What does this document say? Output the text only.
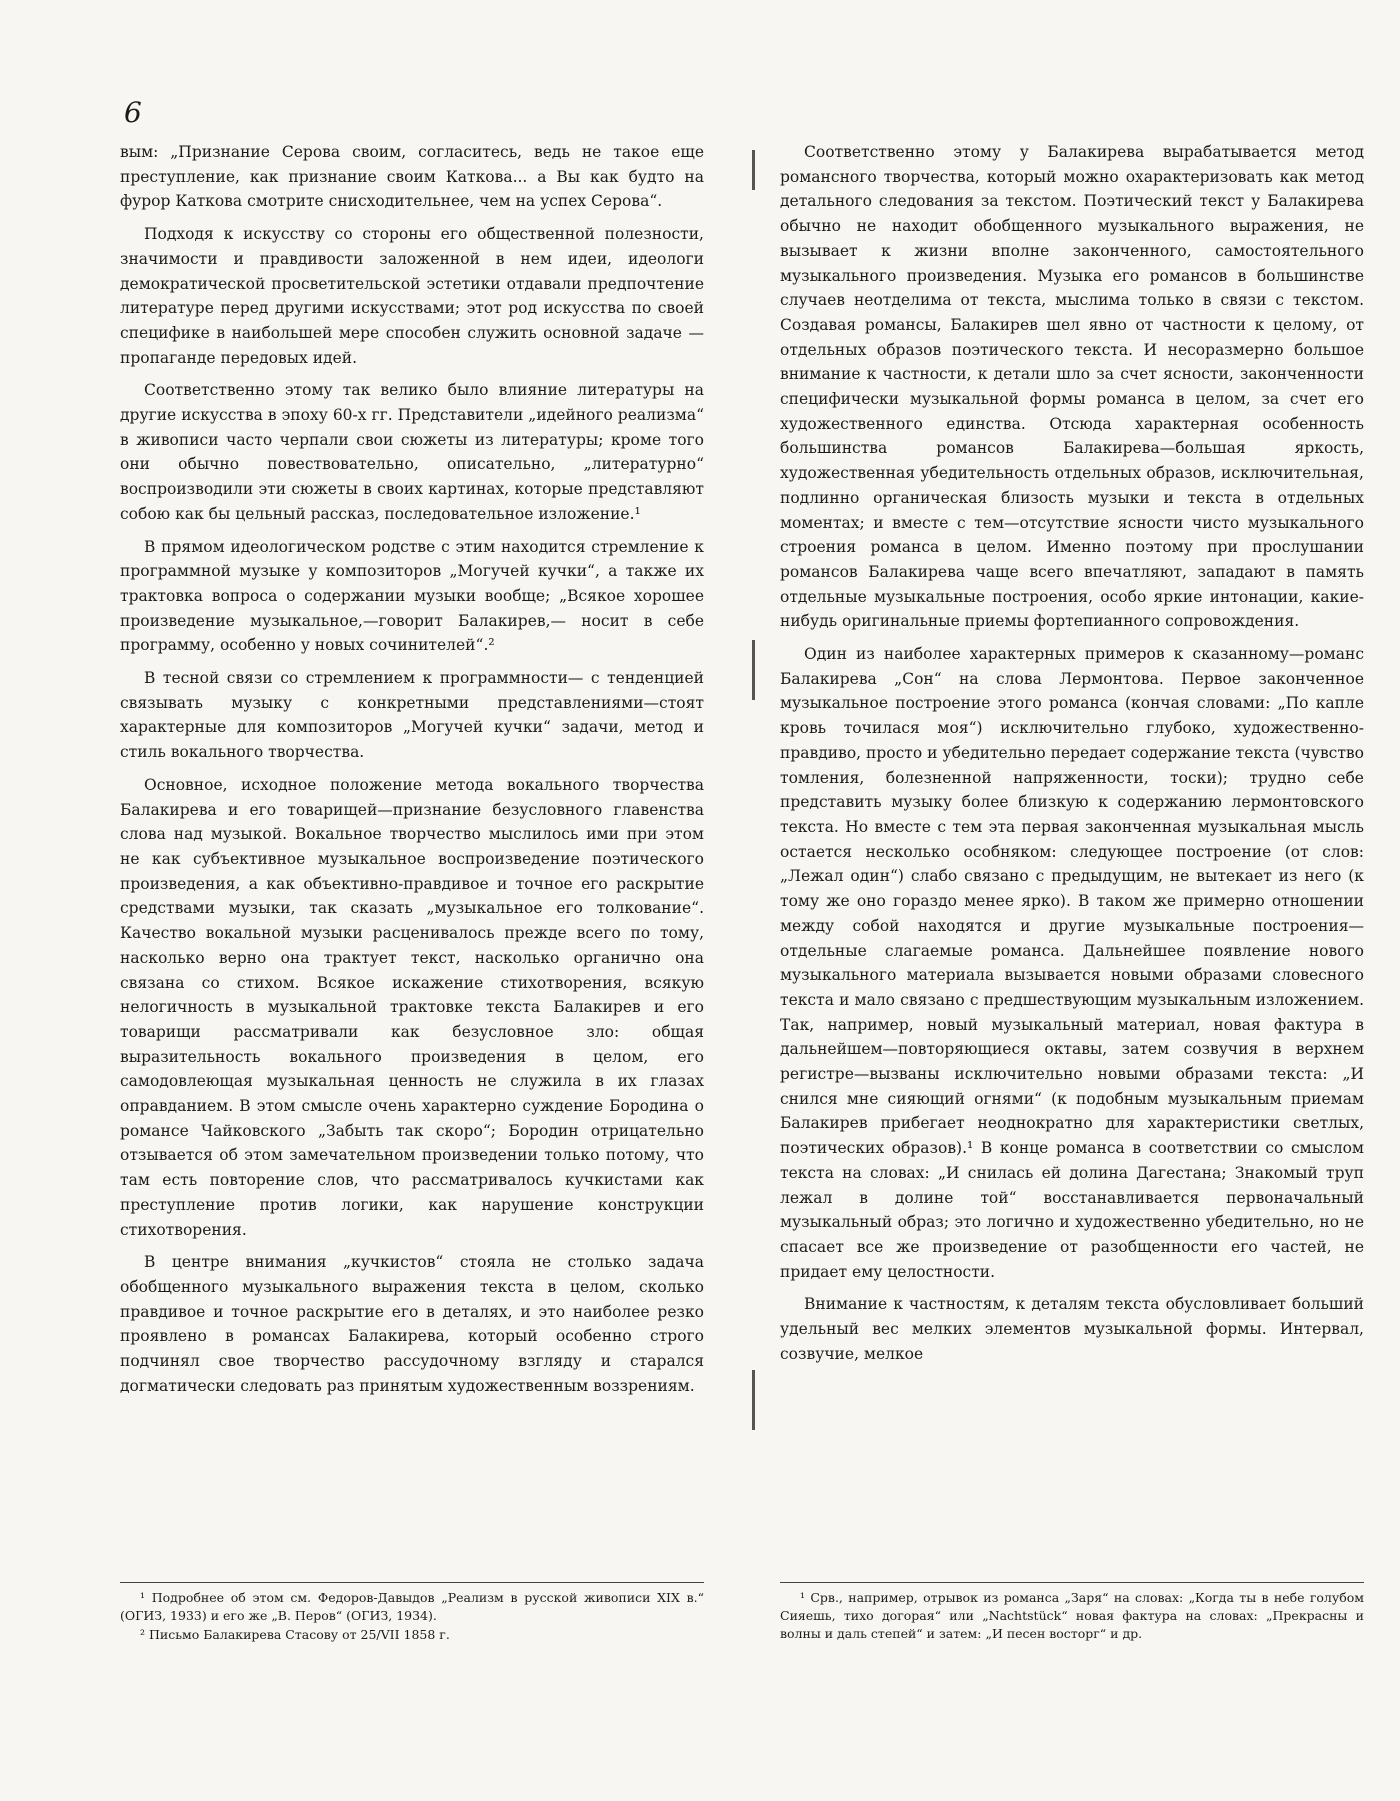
6

вым: „Признание Серова своим, согласитесь, ведь не такое еще преступление, как признание своим Каткова... а Вы как будто на фурор Каткова смотрите снисходительнее, чем на успех Серова“.

Подходя к искусству со стороны его общественной полезности, значимости и правдивости заложенной в нем идеи, идеологи демократической просветительской эстетики отдавали предпочтение литературе перед другими искусствами; этот род искусства по своей специфике в наибольшей мере способен служить основной задаче — пропаганде передовых идей.

Соответственно этому так велико было влияние литературы на другие искусства в эпоху 60-х гг. Представители „идейного реализма“ в живописи часто черпали свои сюжеты из литературы; кроме того они обычно повествовательно, описательно, „литературно“ воспроизводили эти сюжеты в своих картинах, которые представляют собою как бы цельный рассказ, последовательное изложение.¹

В прямом идеологическом родстве с этим находится стремление к программной музыке у композиторов „Могучей кучки“, а также их трактовка вопроса о содержании музыки вообще; „Всякое хорошее произведение музыкальное,—говорит Балакирев,— носит в себе программу, особенно у новых сочинителей“.²

В тесной связи со стремлением к программности— с тенденцией связывать музыку с конкретными представлениями—стоят характерные для композиторов „Могучей кучки“ задачи, метод и стиль вокального творчества.

Основное, исходное положение метода вокального творчества Балакирева и его товарищей—признание безусловного главенства слова над музыкой. Вокальное творчество мыслилось ими при этом не как субъективное музыкальное воспроизведение поэтического произведения, а как объективно-правдивое и точное его раскрытие средствами музыки, так сказать „музыкальное его толкование“. Качество вокальной музыки расценивалось прежде всего по тому, насколько верно она трактует текст, насколько органично она связана со стихом. Всякое искажение стихотворения, всякую нелогичность в музыкальной трактовке текста Балакирев и его товарищи рассматривали как безусловное зло: общая выразительность вокального произведения в целом, его самодовлеющая музыкальная ценность не служила в их глазах оправданием. В этом смысле очень характерно суждение Бородина о романсе Чайковского „Забыть так скоро“; Бородин отрицательно отзывается об этом замечательном произведении только потому, что там есть повторение слов, что рассматривалось кучкистами как преступление против логики, как нарушение конструкции стихотворения.

В центре внимания „кучкистов“ стояла не столько задача обобщенного музыкального выражения текста в целом, сколько правдивое и точное раскрытие его в деталях, и это наиболее резко проявлено в романсах Балакирева, который особенно строго подчинял свое творчество рассудочному взгляду и старался догматически следовать раз принятым художественным воззрениям.

Соответственно этому у Балакирева вырабатывается метод романсного творчества, который можно охарактеризовать как метод детального следования за текстом. Поэтический текст у Балакирева обычно не находит обобщенного музыкального выражения, не вызывает к жизни вполне законченного, самостоятельного музыкального произведения. Музыка его романсов в большинстве случаев неотделима от текста, мыслима только в связи с текстом. Создавая романсы, Балакирев шел явно от частности к целому, от отдельных образов поэтического текста. И несоразмерно большое внимание к частности, к детали шло за счет ясности, законченности специфически музыкальной формы романса в целом, за счет его художественного единства. Отсюда характерная особенность большинства романсов Балакирева—большая яркость, художественная убедительность отдельных образов, исключительная, подлинно органическая близость музыки и текста в отдельных моментах; и вместе с тем—отсутствие ясности чисто музыкального строения романса в целом. Именно поэтому при прослушании романсов Балакирева чаще всего впечатляют, западают в память отдельные музыкальные построения, особо яркие интонации, какие-нибудь оригинальные приемы фортепианного сопровождения.

Один из наиболее характерных примеров к сказанному—романс Балакирева „Сон“ на слова Лермонтова. Первое законченное музыкальное построение этого романса (кончая словами: „По капле кровь точилася моя“) исключительно глубоко, художественно-правдиво, просто и убедительно передает содержание текста (чувство томления, болезненной напряженности, тоски); трудно себе представить музыку более близкую к содержанию лермонтовского текста. Но вместе с тем эта первая законченная музыкальная мысль остается несколько особняком: следующее построение (от слов: „Лежал один“) слабо связано с предыдущим, не вытекает из него (к тому же оно гораздо менее ярко). В таком же примерно отношении между собой находятся и другие музыкальные построения—отдельные слагаемые романса. Дальнейшее появление нового музыкального материала вызывается новыми образами словесного текста и мало связано с предшествующим музыкальным изложением. Так, например, новый музыкальный материал, новая фактура в дальнейшем—повторяющиеся октавы, затем созвучия в верхнем регистре—вызваны исключительно новыми образами текста: „И снился мне сияющий огнями“ (к подобным музыкальным приемам Балакирев прибегает неоднократно для характеристики светлых, поэтических образов).¹ В конце романса в соответствии со смыслом текста на словах: „И снилась ей долина Дагестана; Знакомый труп лежал в долине той“ восстанавливается первоначальный музыкальный образ; это логично и художественно убедительно, но не спасает все же произведение от разобщенности его частей, не придает ему целостности.

Внимание к частностям, к деталям текста обусловливает больший удельный вес мелких элементов музыкальной формы. Интервал, созвучие, мелкое

¹ Подробнее об этом см. Федоров-Давыдов „Реализм в русской живописи XIX в.“ (ОГИЗ, 1933) и его же „В. Перов“ (ОГИЗ, 1934).

² Письмо Балакирева Стасову от 25/VII 1858 г.

¹ Срв., например, отрывок из романса „Заря“ на словах: „Когда ты в небе голубом Сияешь, тихо догорая“ или „Nachtstück“ новая фактура на словах: „Прекрасны и волны и даль степей“ и затем: „И песен восторг“ и др.
